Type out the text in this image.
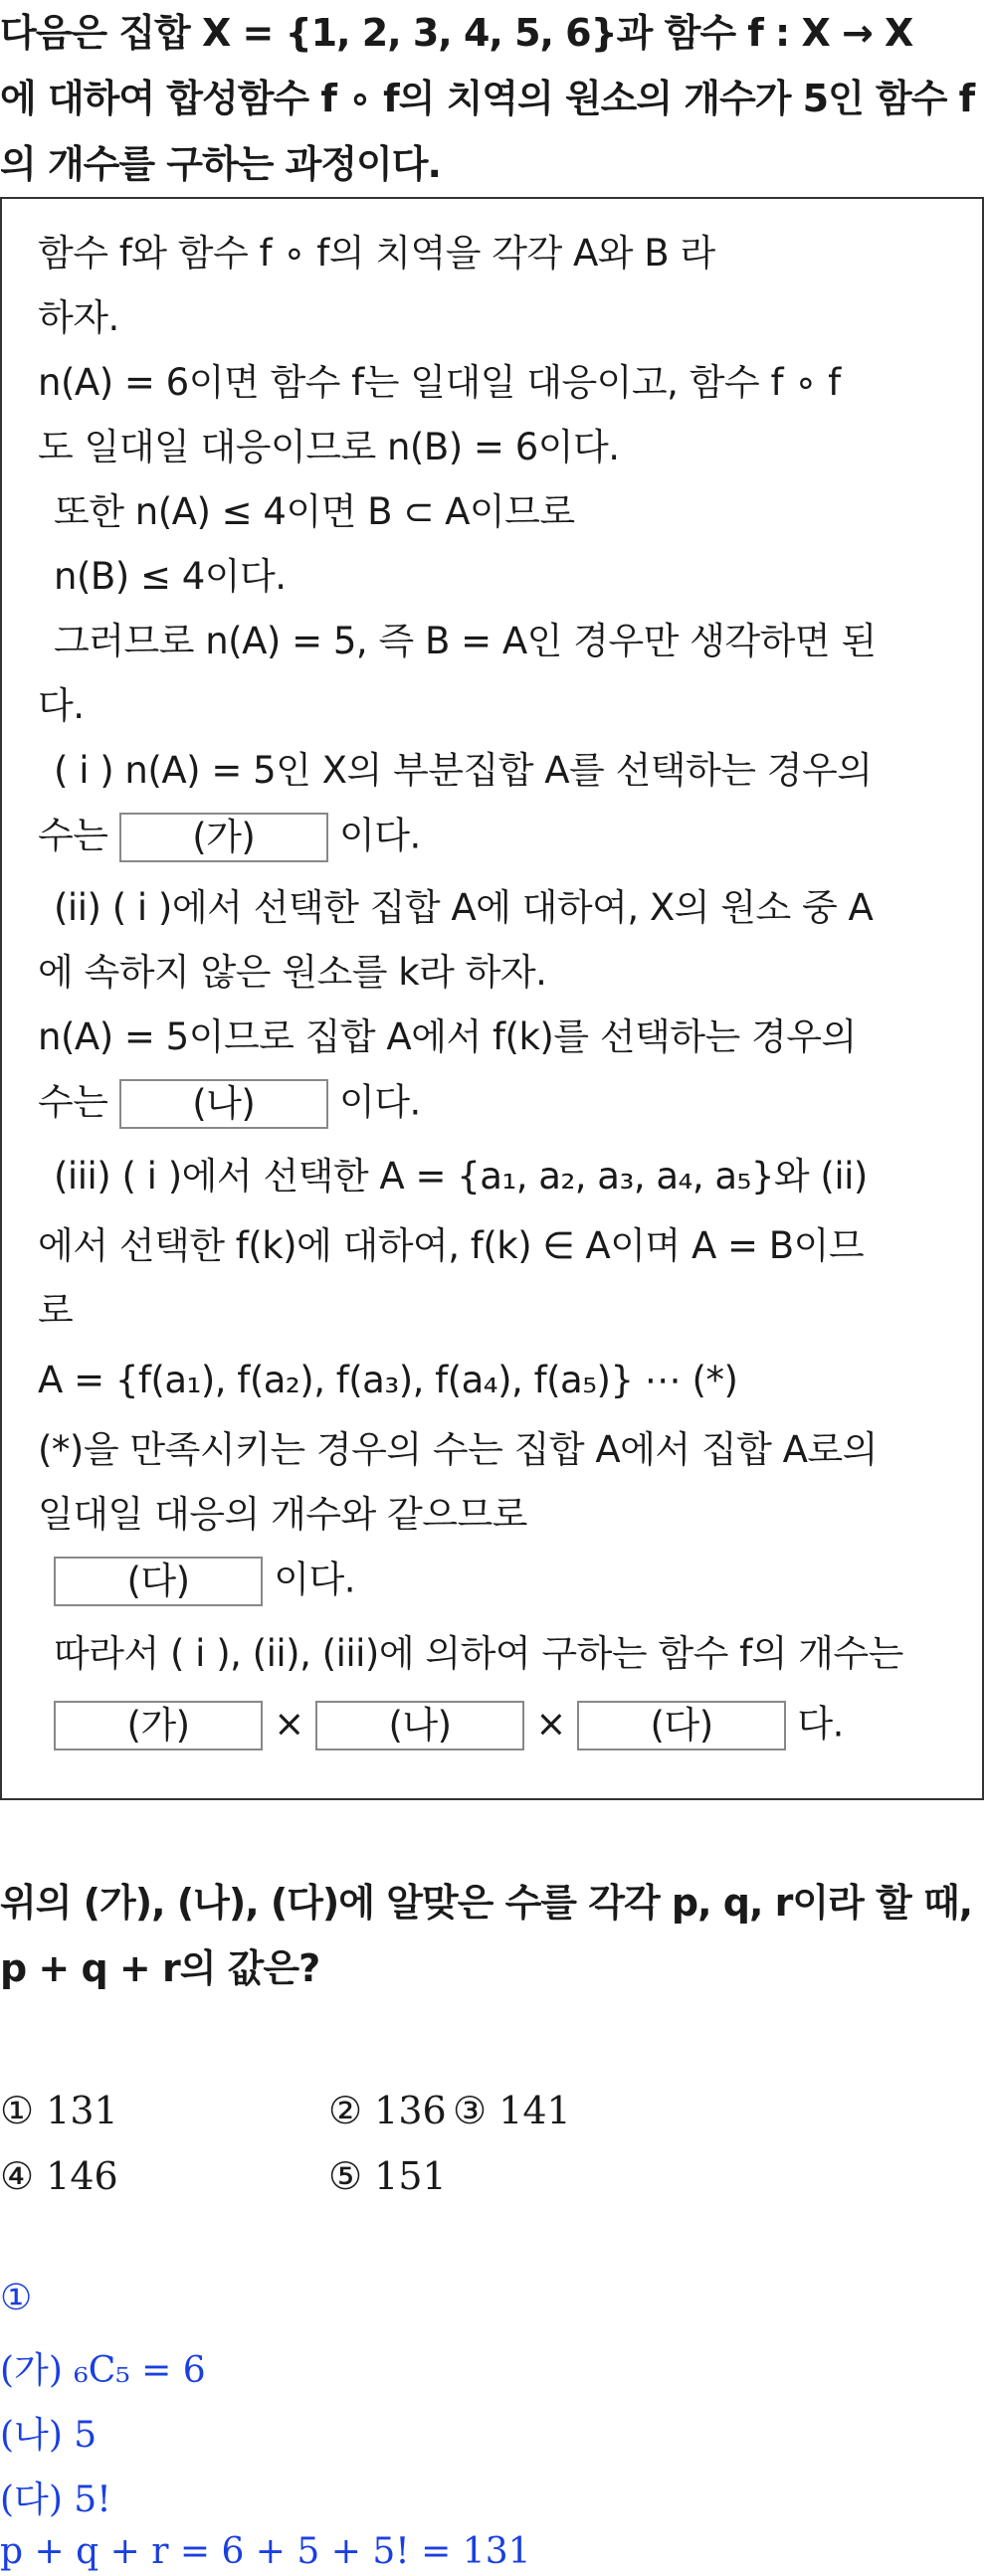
다음은 집합 X = {1, 2, 3, 4, 5, 6}과 함수 f : X → X
에 대하여 합성함수 f ∘ f의 치역의 원소의 개수가 5인 함수 f
의 개수를 구하는 과정이다.
함수 f와 함수 f ∘ f의 치역을 각각 A와 B 라
하자.
n(A) = 6이면 함수 f는 일대일 대응이고, 함수 f ∘ f
도 일대일 대응이므로 n(B) = 6이다.
또한 n(A) ≤ 4이면 B ⊂ A이므로
n(B) ≤ 4이다.
그러므로 n(A) = 5, 즉 B = A인 경우만 생각하면 된
다.
( i ) n(A) = 5인 X의 부분집합 A를 선택하는 경우의
수는 (가) 이다.
(ii) ( i )에서 선택한 집합 A에 대하여, X의 원소 중 A
에 속하지 않은 원소를 k라 하자.
n(A) = 5이므로 집합 A에서 f(k)를 선택하는 경우의
수는 (나) 이다.
(iii) ( i )에서 선택한 A = {a₁, a₂, a₃, a₄, a₅}와 (ii)
에서 선택한 f(k)에 대하여, f(k) ∈ A이며 A = B이므
로
A = {f(a₁), f(a₂), f(a₃), f(a₄), f(a₅)} ⋯ (*)
(*)을 만족시키는 경우의 수는 집합 A에서 집합 A로의
일대일 대응의 개수와 같으므로
(다) 이다.
따라서 ( i ), (ii), (iii)에 의하여 구하는 함수 f의 개수는
(가) × (나) × (다) 다.
위의 (가), (나), (다)에 알맞은 수를 각각 p, q, r이라 할 때,
p + q + r의 값은?
① 131	② 136 ③ 141
④ 146	⑤ 151
①
(가) ₆C₅ = 6
(나) 5
(다) 5!
p + q + r = 6 + 5 + 5! = 131
